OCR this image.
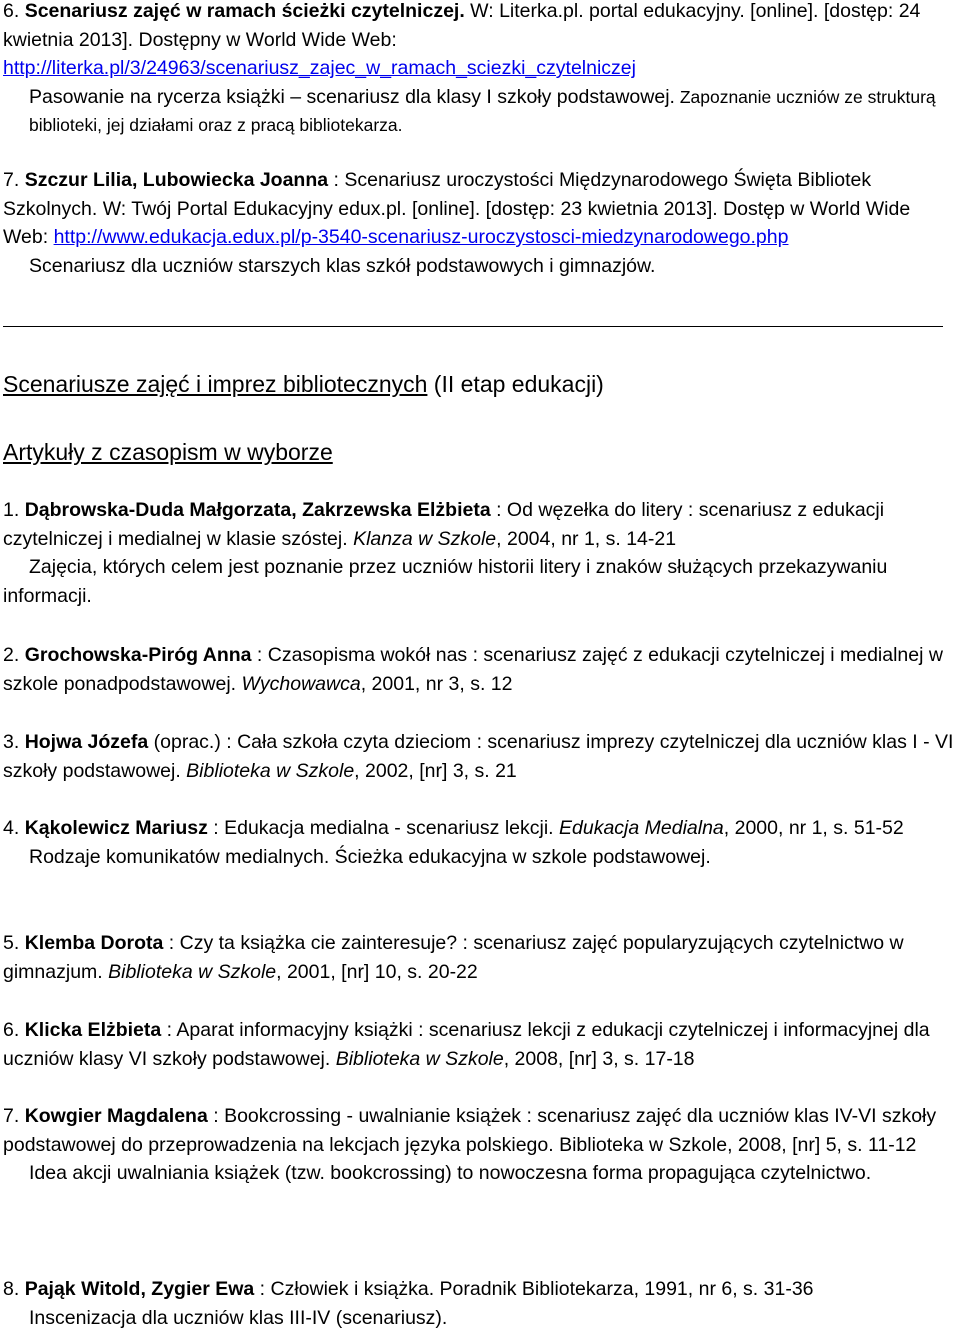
6. Scenariusz zajęć w ramach ścieżki czytelniczej. W: Literka.pl. portal edukacyjny. [online]. [dostęp: 24 kwietnia 2013]. Dostępny w World Wide Web:
http://literka.pl/3/24963/scenariusz_zajec_w_ramach_sciezki_czytelniczej

Pasowanie na rycerza książki – scenariusz dla klasy I szkoły podstawowej. Zapoznanie uczniów ze strukturą biblioteki, jej działami oraz z pracą bibliotekarza.

7. Szczur Lilia, Lubowiecka Joanna : Scenariusz uroczystości Międzynarodowego Święta Bibliotek Szkolnych. W: Twój Portal Edukacyjny edux.pl. [online]. [dostęp: 23 kwietnia 2013]. Dostęp w World Wide Web: http://www.edukacja.edux.pl/p-3540-scenariusz-uroczystosci-miedzynarodowego.php

Scenariusz dla uczniów starszych klas szkół podstawowych i gimnazjów.

Scenariusze zajęć i imprez bibliotecznych (II etap edukacji)
Artykuły z czasopism w wyborze

1. Dąbrowska-Duda Małgorzata, Zakrzewska Elżbieta : Od węzełka do litery : scenariusz z edukacji czytelniczej i medialnej w klasie szóstej. Klanza w Szkole, 2004, nr 1, s. 14-21

Zajęcia, których celem jest poznanie przez uczniów historii litery i znaków służących przekazywaniu informacji.

2. Grochowska-Piróg Anna : Czasopisma wokół nas : scenariusz zajęć z edukacji czytelniczej i medialnej w szkole ponadpodstawowej. Wychowawca, 2001, nr 3, s. 12

3. Hojwa Józefa (oprac.) : Cała szkoła czyta dzieciom : scenariusz imprezy czytelniczej dla uczniów klas I - VI szkoły podstawowej. Biblioteka w Szkole, 2002, [nr] 3, s. 21

4. Kąkolewicz Mariusz : Edukacja medialna - scenariusz lekcji. Edukacja Medialna, 2000, nr 1, s. 51-52

Rodzaje komunikatów medialnych. Ścieżka edukacyjna w szkole podstawowej.

5. Klemba Dorota : Czy ta książka cie zainteresuje? : scenariusz zajęć popularyzujących czytelnictwo w gimnazjum. Biblioteka w Szkole, 2001, [nr] 10, s. 20-22

6. Klicka Elżbieta : Aparat informacyjny książki : scenariusz lekcji z edukacji czytelniczej i informacyjnej dla uczniów klasy VI szkoły podstawowej. Biblioteka w Szkole, 2008, [nr] 3, s. 17-18

7. Kowgier Magdalena : Bookcrossing - uwalnianie książek : scenariusz zajęć dla uczniów klas IV-VI szkoły podstawowej do przeprowadzenia na lekcjach języka polskiego. Biblioteka w Szkole, 2008, [nr] 5, s. 11-12

Idea akcji uwalniania książek (tzw. bookcrossing) to nowoczesna forma propagująca czytelnictwo.

8. Pająk Witold, Zygier Ewa : Człowiek i książka. Poradnik Bibliotekarza, 1991, nr 6, s. 31-36

Inscenizacja dla uczniów klas III-IV (scenariusz).
